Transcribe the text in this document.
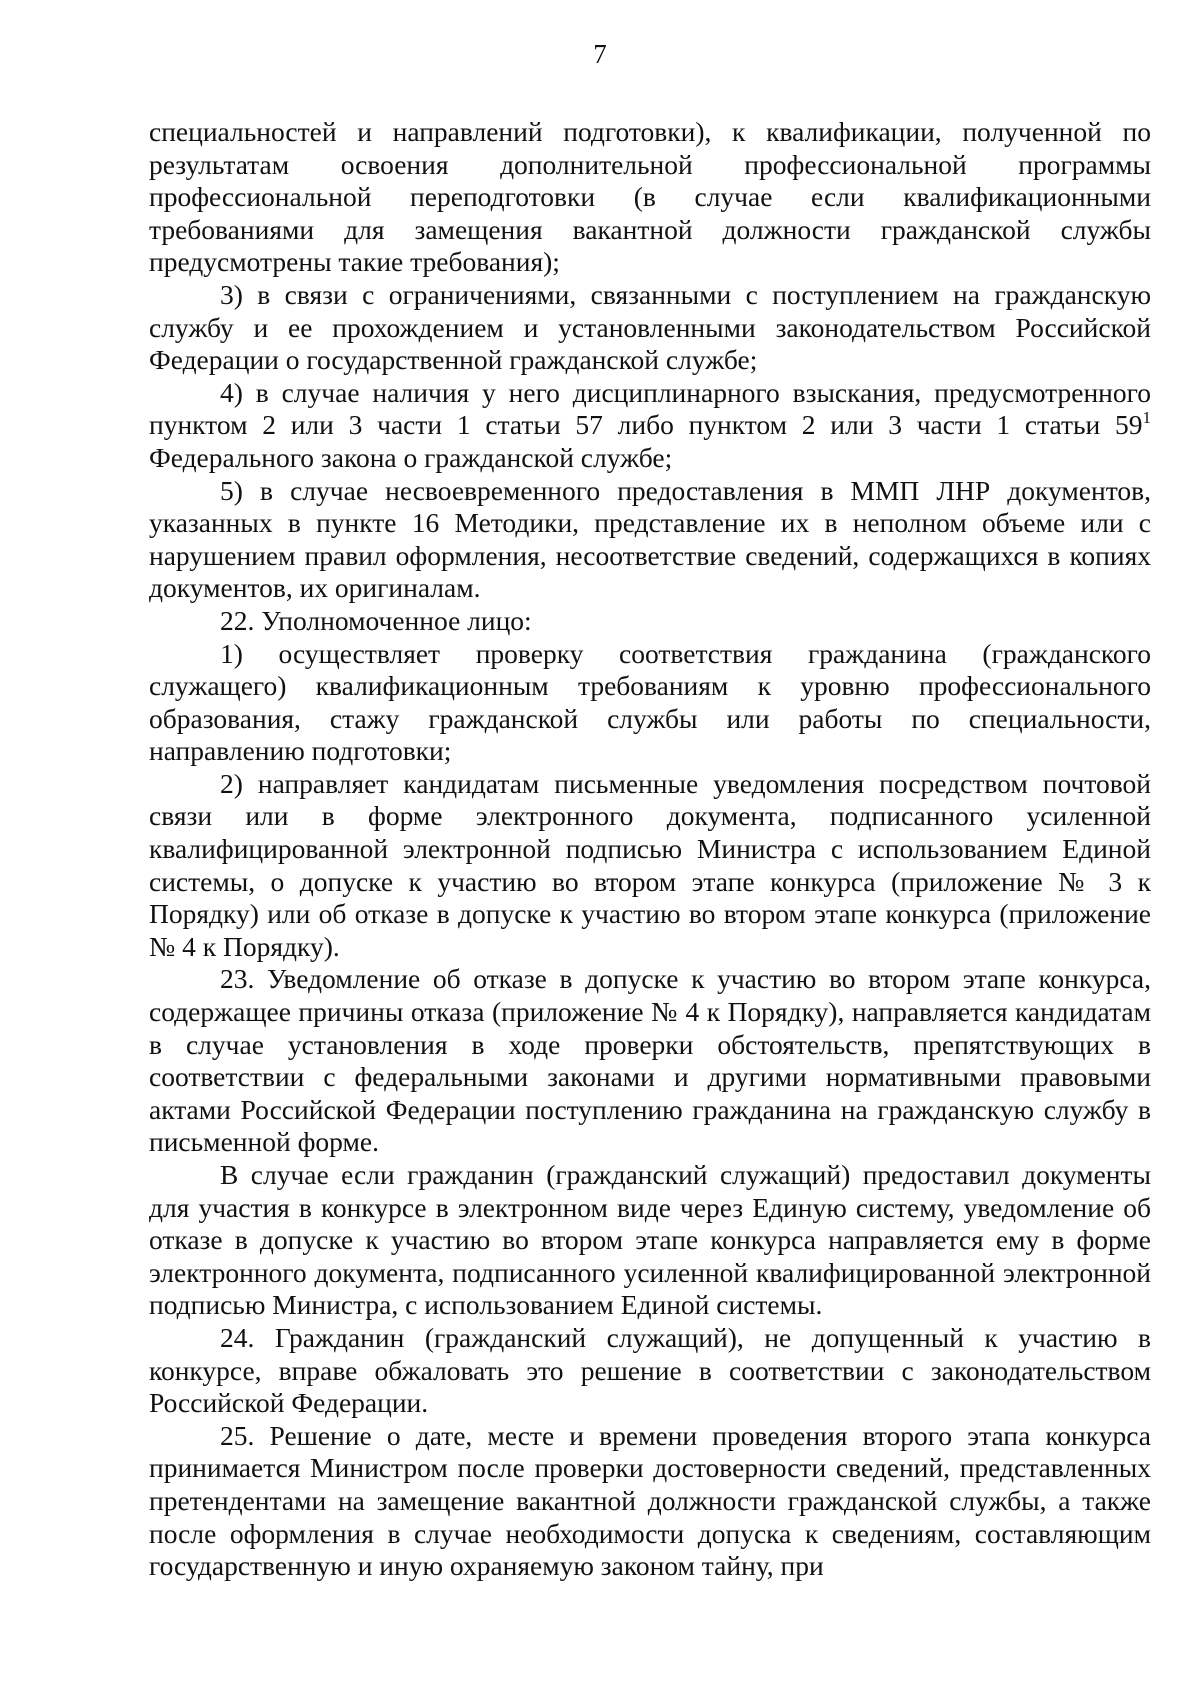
7

специальностей и направлений подготовки), к квалификации, полученной по результатам освоения дополнительной профессиональной программы профессиональной переподготовки (в случае если квалификационными требованиями для замещения вакантной должности гражданской службы предусмотрены такие требования);

3) в связи с ограничениями, связанными с поступлением на гражданскую службу и ее прохождением и установленными законодательством Российской Федерации о государственной гражданской службе;

4) в случае наличия у него дисциплинарного взыскания, предусмотренного пунктом 2 или 3 части 1 статьи 57 либо пунктом 2 или 3 части 1 статьи $59^1$ Федерального закона о гражданской службе;

5) в случае несвоевременного предоставления в ММП ЛНР документов, указанных в пункте 16 Методики, представление их в неполном объеме или с нарушением правил оформления, несоответствие сведений, содержащихся в копиях документов, их оригиналам.

22. Уполномоченное лицо:

1) осуществляет проверку соответствия гражданина (гражданского служащего) квалификационным требованиям к уровню профессионального образования, стажу гражданской службы или работы по специальности, направлению подготовки;

2) направляет кандидатам письменные уведомления посредством почтовой связи или в форме электронного документа, подписанного усиленной квалифицированной электронной подписью Министра с использованием Единой системы, о допуске к участию во втором этапе конкурса (приложение № 3 к Порядку) или об отказе в допуске к участию во втором этапе конкурса (приложение № 4 к Порядку).

23. Уведомление об отказе в допуске к участию во втором этапе конкурса, содержащее причины отказа (приложение № 4 к Порядку), направляется кандидатам в случае установления в ходе проверки обстоятельств, препятствующих в соответствии с федеральными законами и другими нормативными правовыми актами Российской Федерации поступлению гражданина на гражданскую службу в письменной форме.

В случае если гражданин (гражданский служащий) предоставил документы для участия в конкурсе в электронном виде через Единую систему, уведомление об отказе в допуске к участию во втором этапе конкурса направляется ему в форме электронного документа, подписанного усиленной квалифицированной электронной подписью Министра, с использованием Единой системы.

24. Гражданин (гражданский служащий), не допущенный к участию в конкурсе, вправе обжаловать это решение в соответствии с законодательством Российской Федерации.

25. Решение о дате, месте и времени проведения второго этапа конкурса принимается Министром после проверки достоверности сведений, представленных претендентами на замещение вакантной должности гражданской службы, а также после оформления в случае необходимости допуска к сведениям, составляющим государственную и иную охраняемую законом тайну, при
